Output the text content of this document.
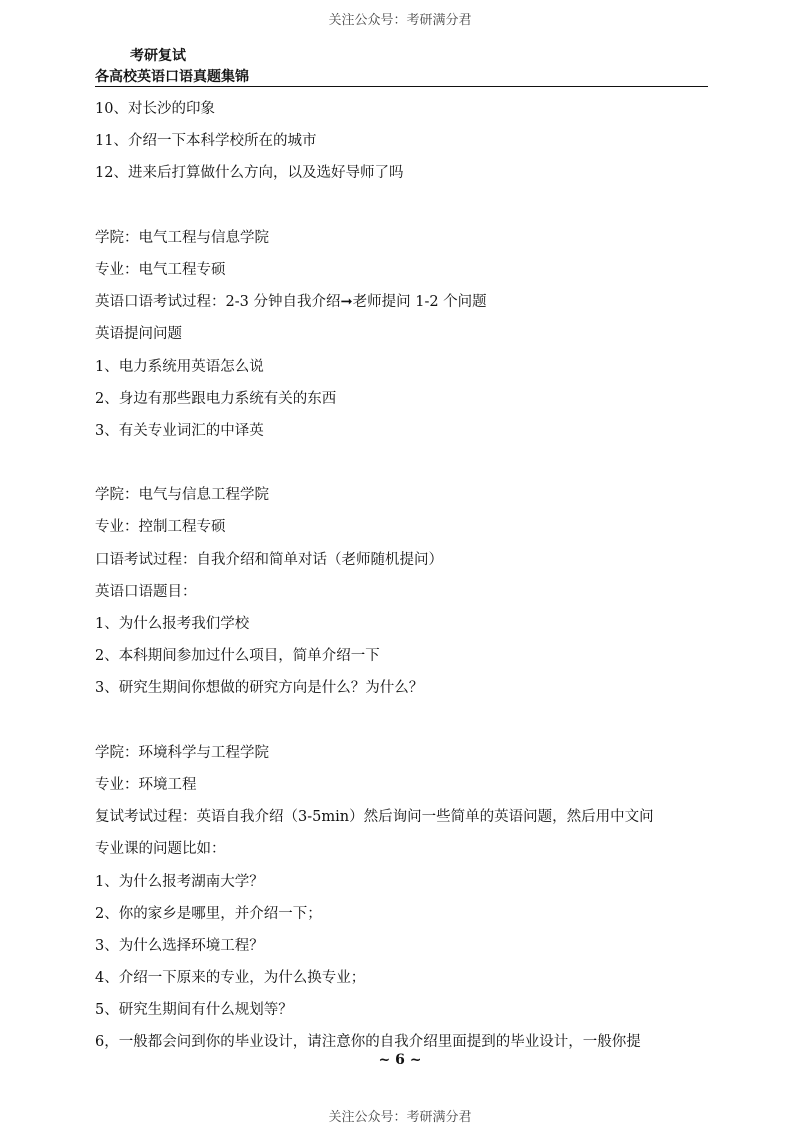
关注公众号：考研满分君
考研复试
各高校英语口语真题集锦
10、对长沙的印象
11、介绍一下本科学校所在的城市
12、进来后打算做什么方向，以及选好导师了吗
学院：电气工程与信息学院
专业：电气工程专硕
英语口语考试过程：2-3 分钟自我介绍➞老师提问 1-2 个问题
英语提问问题
1、电力系统用英语怎么说
2、身边有那些跟电力系统有关的东西
3、有关专业词汇的中译英
学院：电气与信息工程学院
专业：控制工程专硕
口语考试过程：自我介绍和简单对话（老师随机提问）
英语口语题目：
1、为什么报考我们学校
2、本科期间参加过什么项目，简单介绍一下
3、研究生期间你想做的研究方向是什么？为什么？
学院：环境科学与工程学院
专业：环境工程
复试考试过程：英语自我介绍（3-5min）然后询问一些简单的英语问题，然后用中文问
专业课的问题比如：
1、为什么报考湖南大学？
2、你的家乡是哪里，并介绍一下；
3、为什么选择环境工程？
4、介绍一下原来的专业，为什么换专业；
5、研究生期间有什么规划等？
6，一般都会问到你的毕业设计，请注意你的自我介绍里面提到的毕业设计，一般你提
~ 6 ~
关注公众号：考研满分君
